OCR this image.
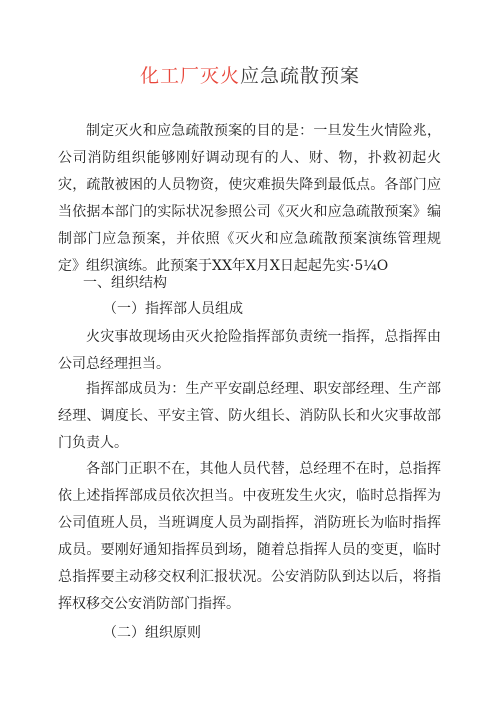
化工厂灭火应急疏散预案
制定灭火和应急疏散预案的目的是：一旦发生火情险兆，公司消防组织能够刚好调动现有的人、财、物，扑救初起火灾，疏散被困的人员物资，使灾难损失降到最低点。各部门应当依据本部门的实际状况参照公司《灭火和应急疏散预案》编制部门应急预案，并依照《灭火和应急疏散预案演练管理规定》组织演练。此预案于XX年X月X日起起先实·5¼O
一、组织结构
（一）指挥部人员组成
火灾事故现场由灭火抢险指挥部负责统一指挥，总指挥由公司总经理担当。
指挥部成员为：生产平安副总经理、职安部经理、生产部经理、调度长、平安主管、防火组长、消防队长和火灾事故部门负责人。
各部门正职不在，其他人员代替，总经理不在时，总指挥依上述指挥部成员依次担当。中夜班发生火灾，临时总指挥为公司值班人员，当班调度人员为副指挥，消防班长为临时指挥成员。要刚好通知指挥员到场，随着总指挥人员的变更，临时总指挥要主动移交权利汇报状况。公安消防队到达以后，将指挥权移交公安消防部门指挥。
（二）组织原则
